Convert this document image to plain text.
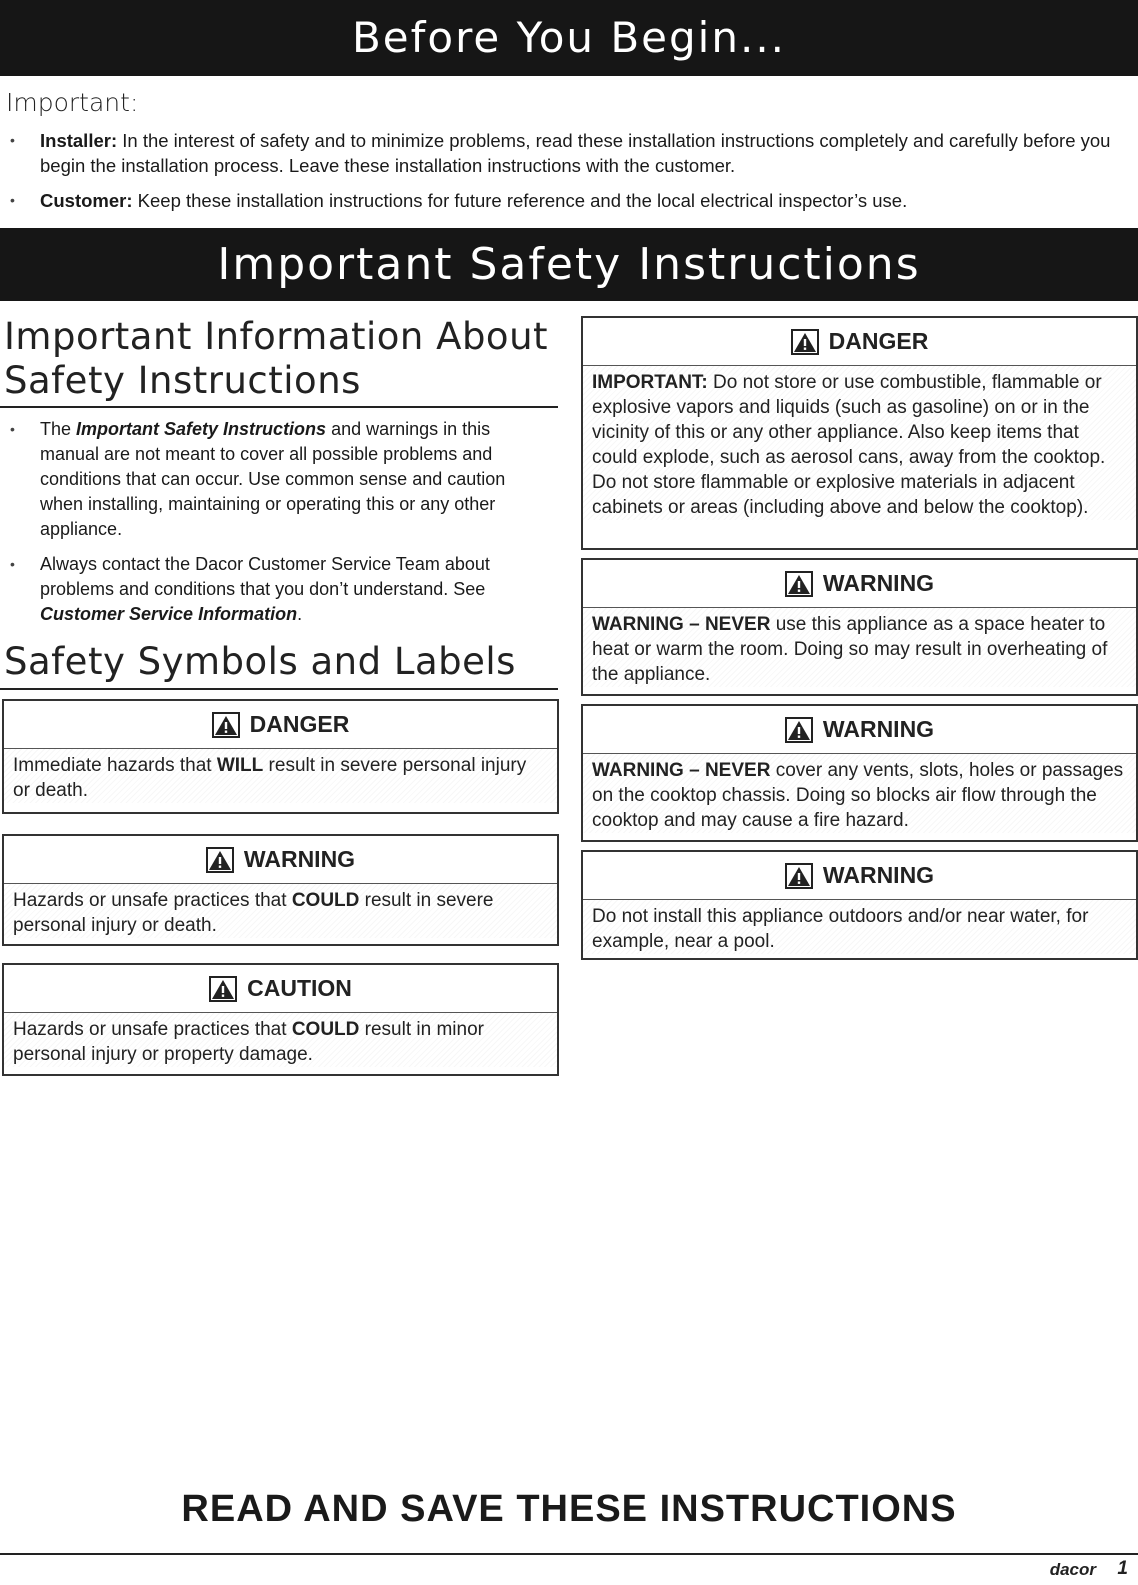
Before You Begin...
Important:
• Installer: In the interest of safety and to minimize problems, read these installation instructions completely and carefully before you begin the installation process. Leave these installation instructions with the customer.
• Customer: Keep these installation instructions for future reference and the local electrical inspector’s use.
Important Safety Instructions
Important Information About
Safety Instructions
• The Important Safety Instructions and warnings in this manual are not meant to cover all possible problems and conditions that can occur. Use common sense and caution when installing, maintaining or operating this or any other appliance.
• Always contact the Dacor Customer Service Team about problems and conditions that you don’t understand. See Customer Service Information.
Safety Symbols and Labels
DANGER
Immediate hazards that WILL result in severe personal injury or death.
WARNING
Hazards or unsafe practices that COULD result in severe personal injury or death.
CAUTION
Hazards or unsafe practices that COULD result in minor personal injury or property damage.
DANGER
IMPORTANT: Do not store or use combustible, flammable or explosive vapors and liquids (such as gasoline) on or in the vicinity of this or any other appliance. Also keep items that could explode, such as aerosol cans, away from the cooktop. Do not store flammable or explosive materials in adjacent cabinets or areas (including above and below the cooktop).
WARNING
WARNING – NEVER use this appliance as a space heater to heat or warm the room. Doing so may result in overheating of the appliance.
WARNING
WARNING – NEVER cover any vents, slots, holes or passages on the cooktop chassis. Doing so blocks air flow through the cooktop and may cause a fire hazard.
WARNING
Do not install this appliance outdoors and/or near water, for example, near a pool.
READ AND SAVE THESE INSTRUCTIONS
dacor 1
